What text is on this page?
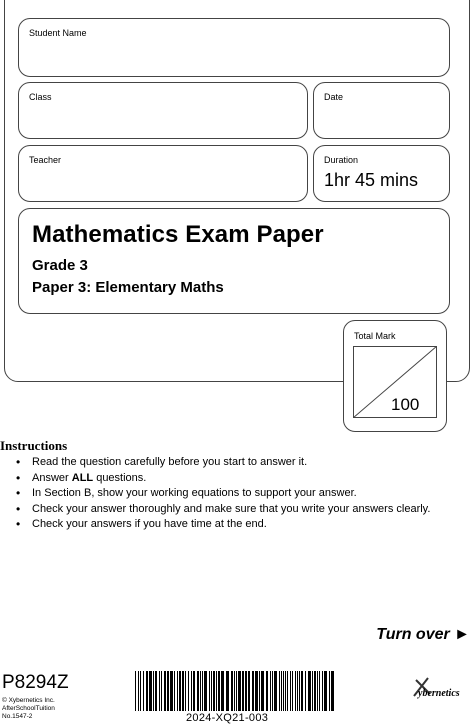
Student Name
Class	Date
Teacher	Duration
1hr 45 mins
Mathematics Exam Paper
Grade 3
Paper 3: Elementary Maths
Total Mark
100
Instructions
• Read the question carefully before you start to answer it.
• Answer ALL questions.
• In Section B, show your working equations to support your answer.
• Check your answer thoroughly and make sure that you write your answers clearly.
• Check your answers if you have time at the end.
Turn over ►
P8294Z
© Xybernetics Inc.
AfterSchoolTuition
No.1547-2	2024-XQ21-003
ybernetics
